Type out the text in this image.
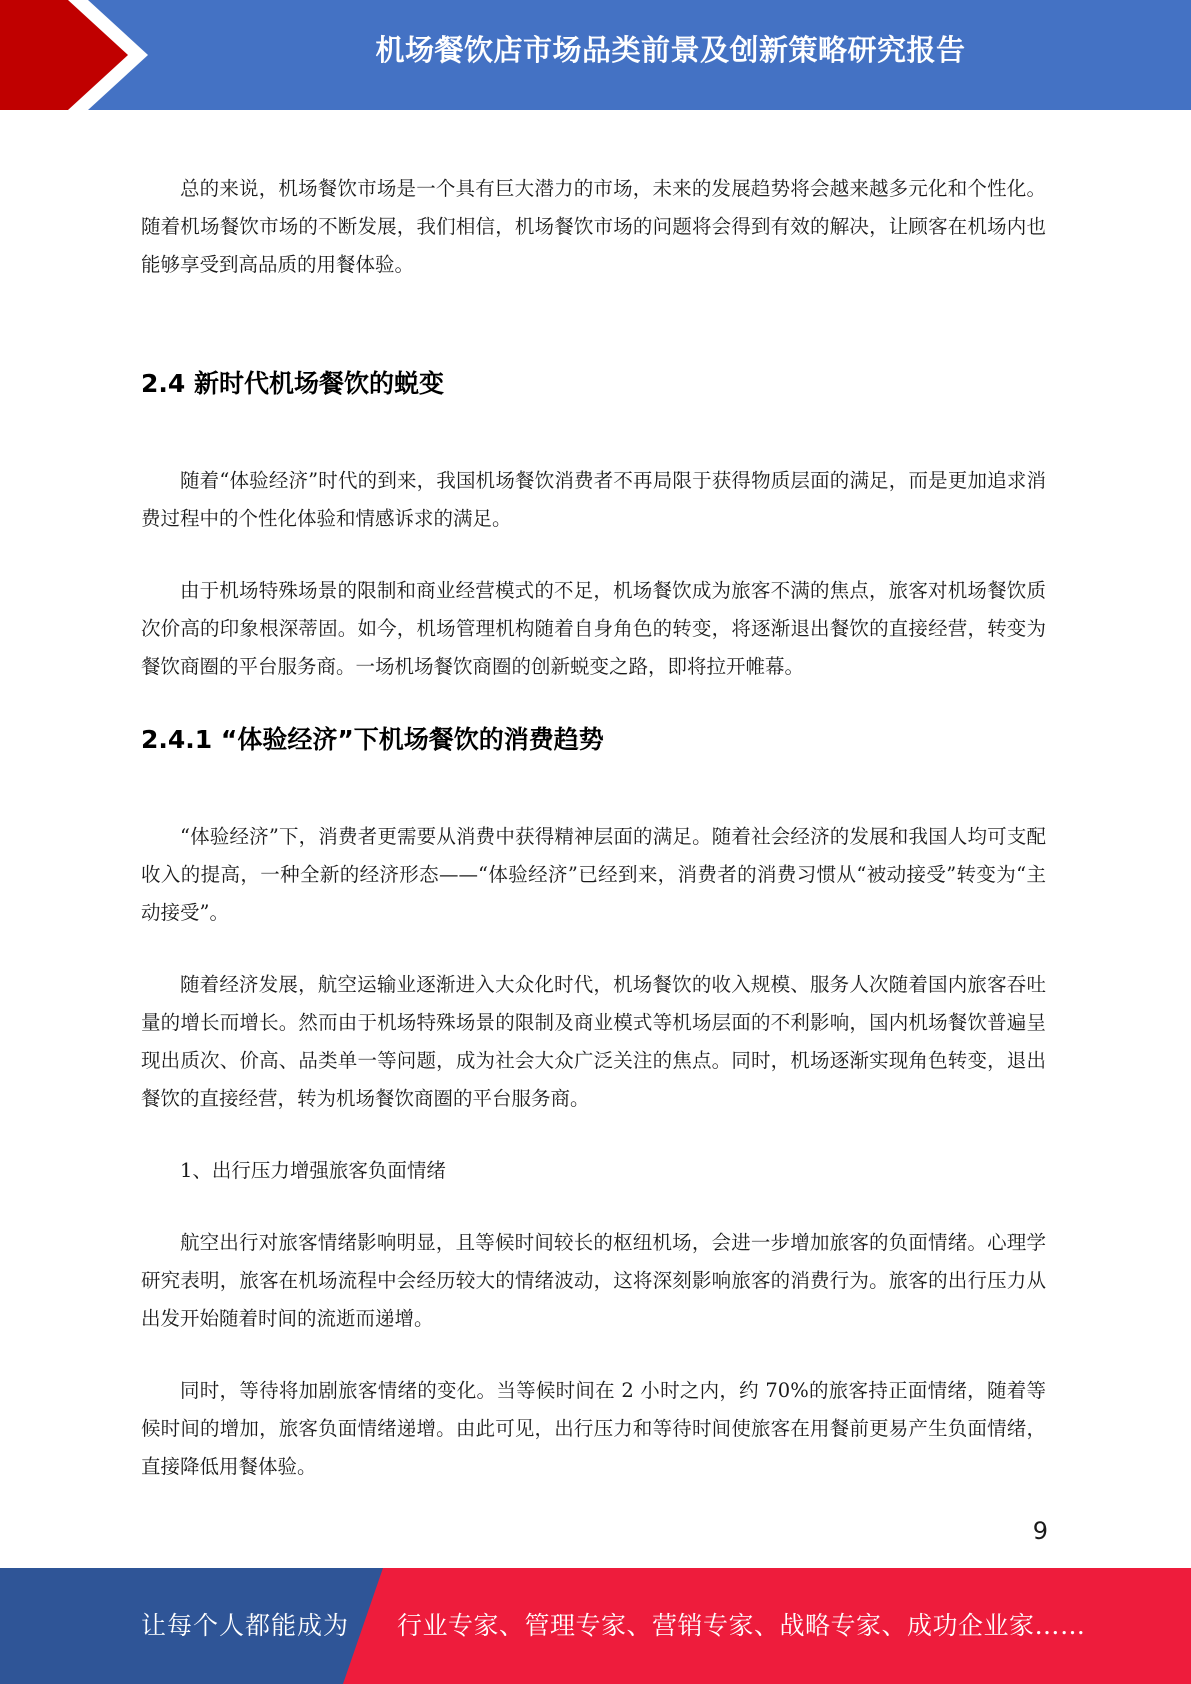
机场餐饮店市场品类前景及创新策略研究报告

总的来说，机场餐饮市场是一个具有巨大潜力的市场，未来的发展趋势将会越来越多元化和个性化。随着机场餐饮市场的不断发展，我们相信，机场餐饮市场的问题将会得到有效的解决，让顾客在机场内也能够享受到高品质的用餐体验。

2.4 新时代机场餐饮的蜕变

随着“体验经济”时代的到来，我国机场餐饮消费者不再局限于获得物质层面的满足，而是更加追求消费过程中的个性化体验和情感诉求的满足。

由于机场特殊场景的限制和商业经营模式的不足，机场餐饮成为旅客不满的焦点，旅客对机场餐饮质次价高的印象根深蒂固。如今，机场管理机构随着自身角色的转变，将逐渐退出餐饮的直接经营，转变为餐饮商圈的平台服务商。一场机场餐饮商圈的创新蜕变之路，即将拉开帷幕。

2.4.1 “体验经济”下机场餐饮的消费趋势

“体验经济”下，消费者更需要从消费中获得精神层面的满足。随着社会经济的发展和我国人均可支配收入的提高，一种全新的经济形态——“体验经济”已经到来，消费者的消费习惯从“被动接受”转变为“主动接受”。

随着经济发展，航空运输业逐渐进入大众化时代，机场餐饮的收入规模、服务人次随着国内旅客吞吐量的增长而增长。然而由于机场特殊场景的限制及商业模式等机场层面的不利影响，国内机场餐饮普遍呈现出质次、价高、品类单一等问题，成为社会大众广泛关注的焦点。同时，机场逐渐实现角色转变，退出餐饮的直接经营，转为机场餐饮商圈的平台服务商。

1、出行压力增强旅客负面情绪

航空出行对旅客情绪影响明显，且等候时间较长的枢纽机场，会进一步增加旅客的负面情绪。心理学研究表明，旅客在机场流程中会经历较大的情绪波动，这将深刻影响旅客的消费行为。旅客的出行压力从出发开始随着时间的流逝而递增。

同时，等待将加剧旅客情绪的变化。当等候时间在 2 小时之内，约 70%的旅客持正面情绪，随着等候时间的增加，旅客负面情绪递增。由此可见，出行压力和等待时间使旅客在用餐前更易产生负面情绪，直接降低用餐体验。

9
让每个人都能成为 行业专家、管理专家、营销专家、战略专家、成功企业家……
